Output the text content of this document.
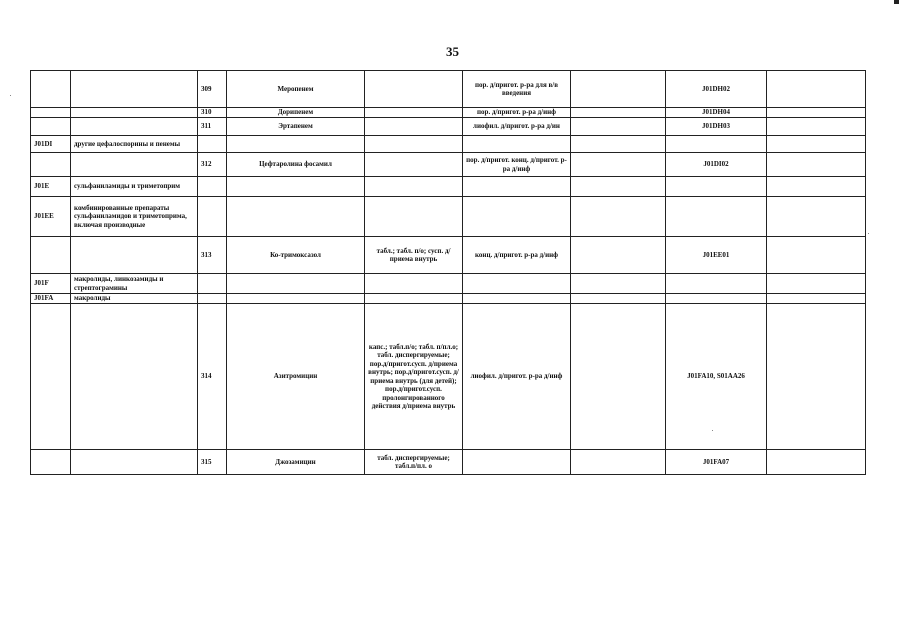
35
		309	Меропенем		пор. д/пригот. р-ра для в/в введения		J01DH02	
		310	Дорипенем		пор. д/пригот. р-ра д/инф		J01DH04	
		311	Эртапенем		лиофил. д/пригот. р-ра д/ин		J01DH03	
J01DI	другие цефалоспорины и пенемы							
		312	Цефтаролина фосамил		пор. д/пригот. конц. д/пригот. р-ра д/инф		J01DI02	
J01E	сульфаниламиды и триметоприм							
J01EE	комбинированные препараты сульфаниламидов и триметоприма, включая производные							
		313	Ко-тримоксазол	табл.; табл. п/о; сусп. д/приема внутрь	конц. д/пригот. р-ра д/инф		J01EE01	
J01F	макролиды, линкозамиды и стрептограмины							
J01FA	макролиды							
		314	Азитромицин	капс.; табл.п/о; табл. п/пл.о; табл. диспергируемые; пор.д/пригот.сусп. д/приема внутрь; пор.д/пригот.сусп. д/приема внутрь (для детей); пор.д/пригот.сусп. пролонгированного действия д/приема внутрь	лиофил. д/пригот. р-ра д/инф		J01FA10, S01AA26	
		315	Джозамицин	табл. диспергируемые; табл.п/пл. о			J01FA07	
